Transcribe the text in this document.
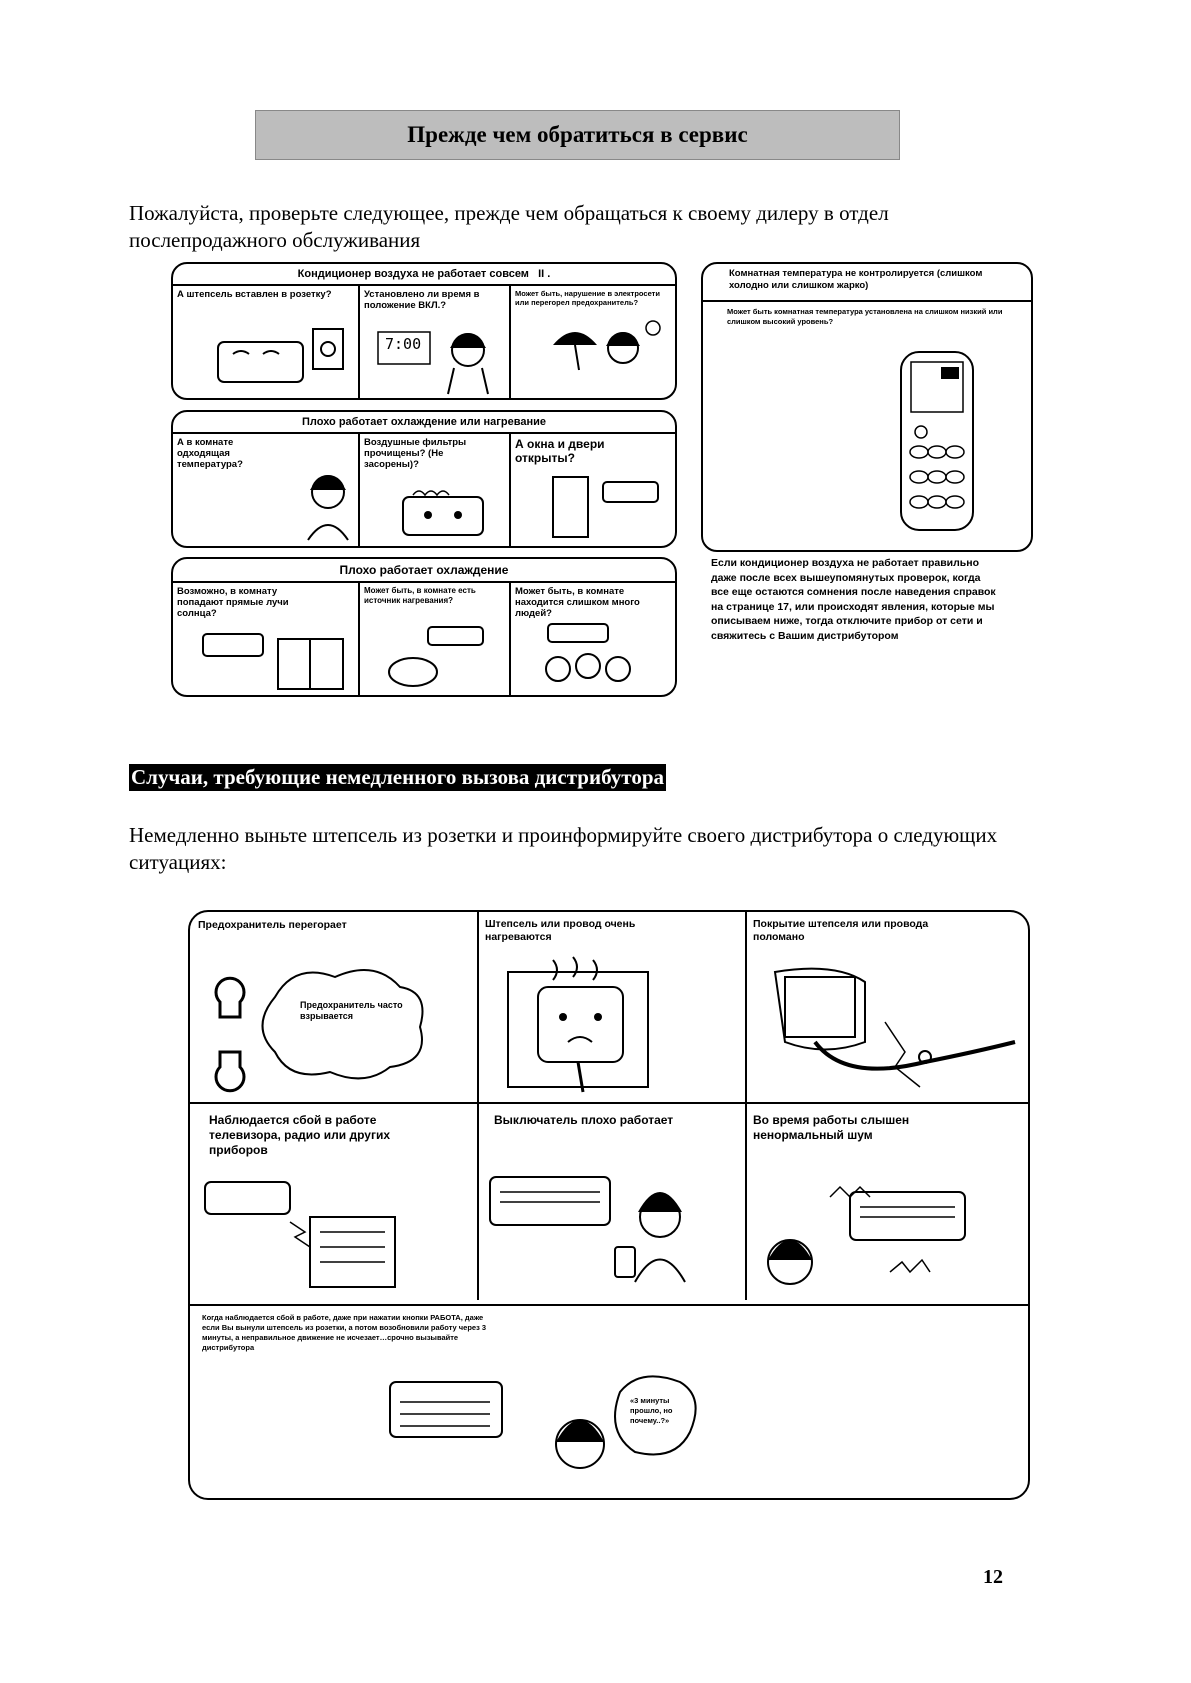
Прежде чем обратиться в сервис
Пожалуйста, проверьте следующее, прежде чем обращаться к своему дилеру в отдел послепродажного обслуживания
Кондиционер воздуха не работает совсем II .
А штепсель вставлен в розетку?	Установлено ли время в положение ВКЛ.?
Может быть, нарушение в электросети или перегорел предохранитель?
7:00
Плохо работает охлаждение или нагревание
А в комнате одходящая температура?
Воздушные фильтры прочищены? (Не засорены)?
А окна и двери открыты?
Плохо работает охлаждение
Возможно, в комнату попадают прямые лучи солнца?
Может быть, в комнате есть источник нагревания?
Может быть, в комнате находится слишком много людей?
Комнатная температура не контролируется (слишком холодно или слишком жарко)
Может быть комнатная температура установлена на слишком низкий или слишком высокий уровень?
Если кондиционер воздуха не работает правильно даже после всех вышеупомянутых проверок, когда все еще остаются сомнения после наведения справок на странице 17, или происходят явления, которые мы описываем ниже, тогда отключите прибор от сети и свяжитесь с Вашим дистрибутором
Случаи, требующие немедленного вызова дистрибутора
Немедленно выньте штепсель из розетки и проинформируйте своего дистрибутора о следующих ситуациях:
Предохранитель перегорает	Штепсель или провод очень нагреваются
Покрытие штепселя или провода поломано
Наблюдается сбой в работе телевизора, радио или других приборов
Выключатель плохо работает	Во время работы слышен ненормальный шум
Предохранитель часто взрывается
Когда наблюдается сбой в работе, даже при нажатии кнопки РАБОТА, даже если Вы вынули штепсель из розетки, а потом возобновили работу через 3 минуты, а неправильное движение не исчезает…срочно вызывайте дистрибутора
«3 минуты прошло, но почему..?»
12
